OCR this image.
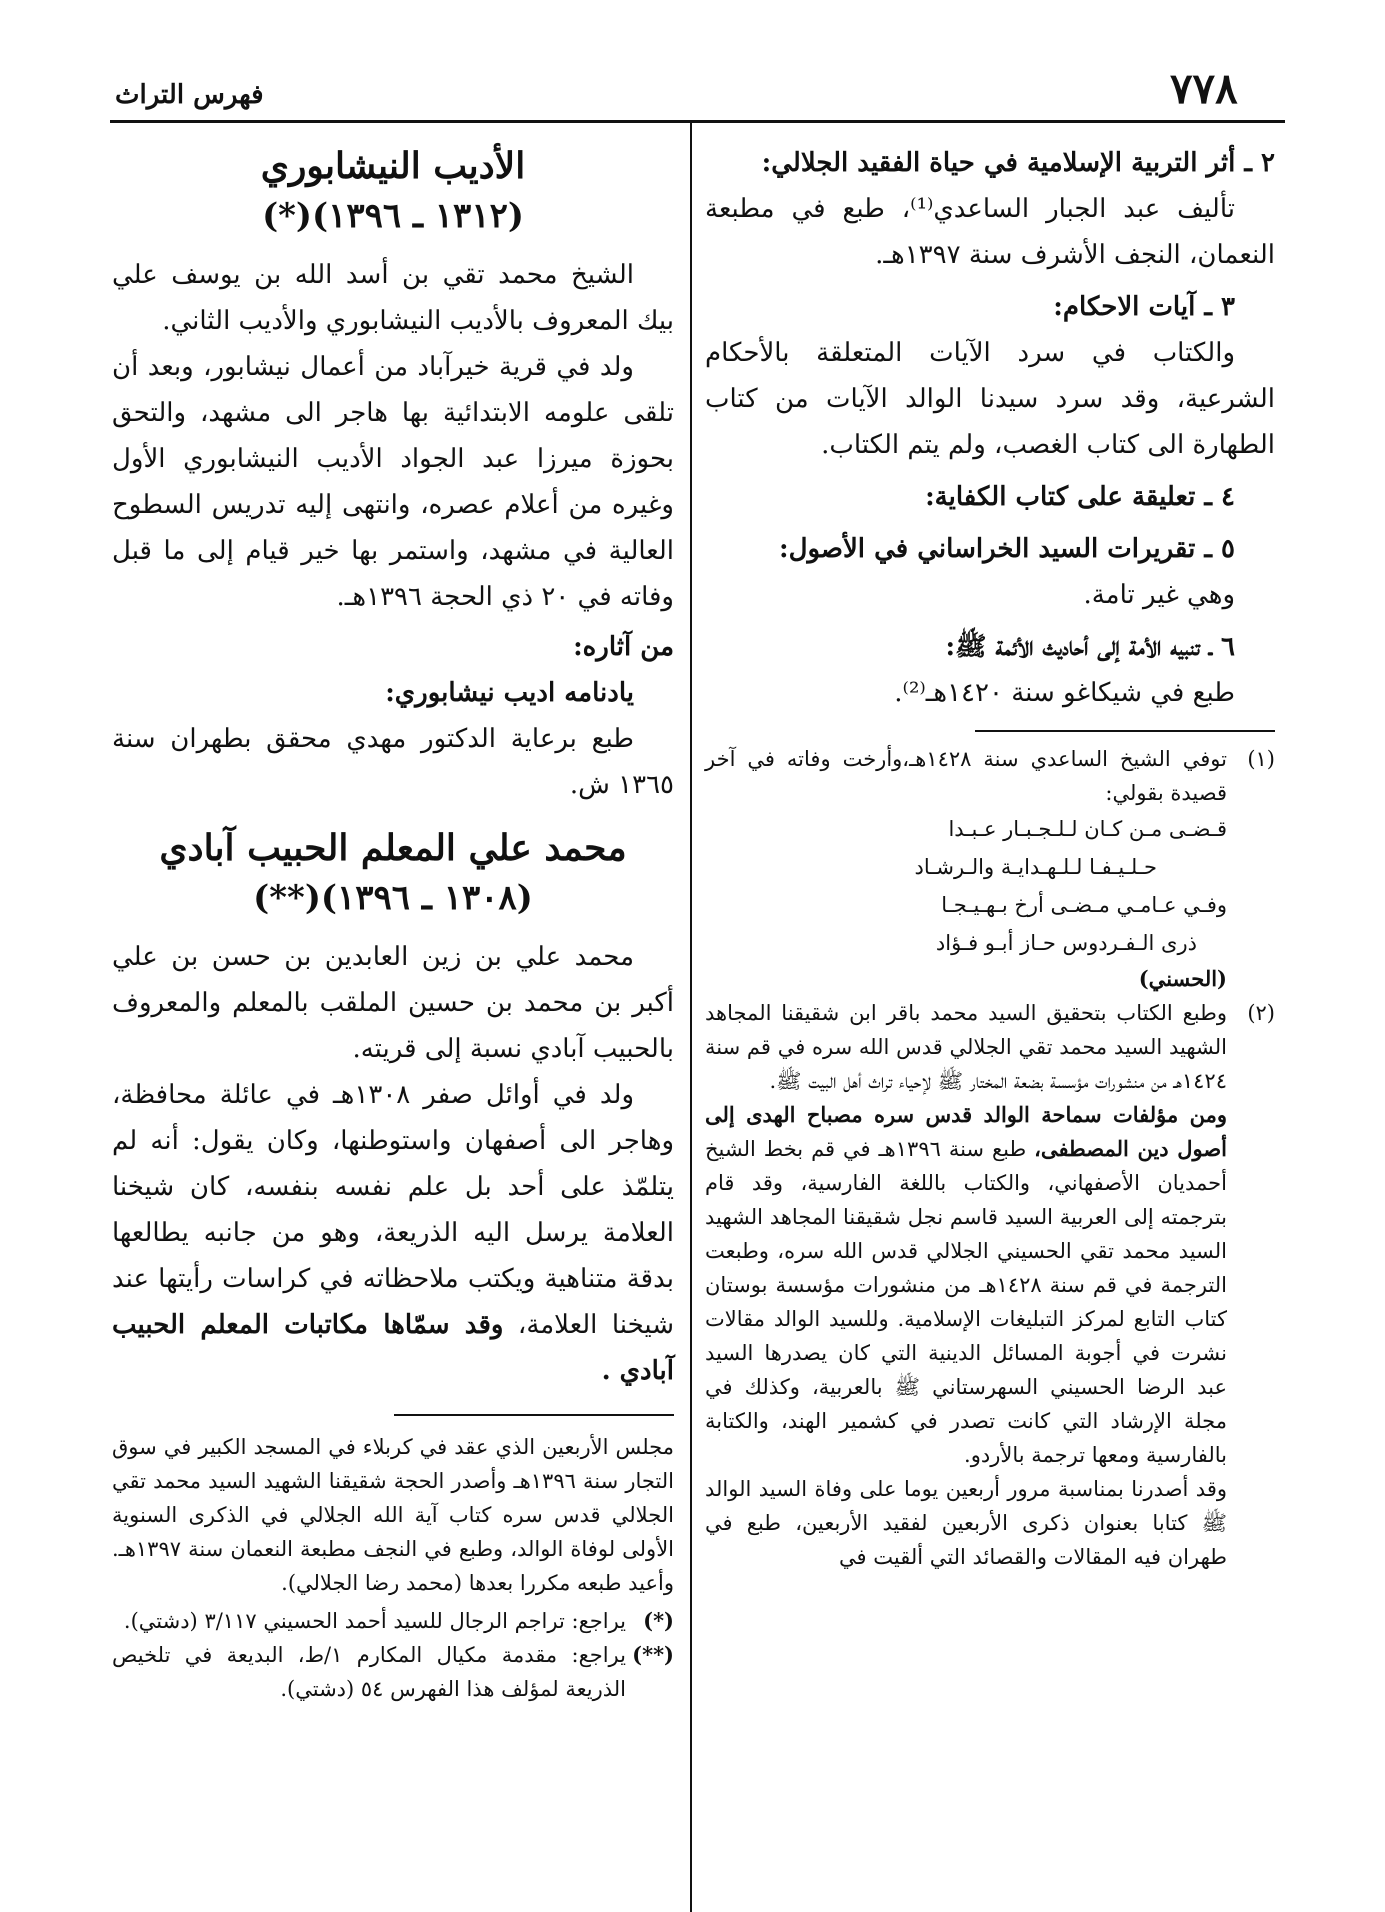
٧٧٨
فهرس التراث

٢ ـ أثر التربية الإسلامية في حياة الفقيد الجلالي:

تأليف عبد الجبار الساعدي⁽¹⁾، طبع في مطبعة النعمان، النجف الأشرف سنة ١٣٩٧هـ.

٣ ـ آيات الاحكام:

والكتاب في سرد الآيات المتعلقة بالأحكام الشرعية، وقد سرد سيدنا الوالد الآيات من كتاب الطهارة الى كتاب الغصب، ولم يتم الكتاب.

٤ ـ تعليقة على كتاب الكفاية:

٥ ـ تقريرات السيد الخراساني في الأصول:

وهي غير تامة.

٦ ـ تنبيه الأمة إلى أحاديث الأئمة ﷺ:

طبع في شيكاغو سنة ١٤٢٠هـ⁽²⁾.

(١)

توفي الشيخ الساعدي سنة ١٤٢٨هـ،وأرخت وفاته في آخر قصيدة بقولي:

قـضـى مـن كـان لـلـجـبـار عـبـدا

حـلـيـفـا لـلـهـدايـة والـرشـاد

وفـي عـامـي مـضـى أرخ بـهـيـجـا

ذرى الـفـردوس حـاز أبـو فـؤاد

(الحسني)

(٢)

وطبع الكتاب بتحقيق السيد محمد باقر ابن شقيقنا المجاهد الشهيد السيد محمد تقي الجلالي قدس الله سره في قم سنة ١٤٢٤هـ من منشورات مؤسسة بضعة المختار ﷺ لإحياء تراث أهل البيت ﷺ.

ومن مؤلفات سماحة الوالد قدس سره مصباح الهدى إلى أصول دين المصطفى، طبع سنة ١٣٩٦هـ في قم بخط الشيخ أحمديان الأصفهاني، والكتاب باللغة الفارسية، وقد قام بترجمته إلى العربية السيد قاسم نجل شقيقنا المجاهد الشهيد السيد محمد تقي الحسيني الجلالي قدس الله سره، وطبعت الترجمة في قم سنة ١٤٢٨هـ من منشورات مؤسسة بوستان كتاب التابع لمركز التبليغات الإسلامية. وللسيد الوالد مقالات نشرت في أجوبة المسائل الدينية التي كان يصدرها السيد عبد الرضا الحسيني السهرستاني ﷺ بالعربية، وكذلك في مجلة الإرشاد التي كانت تصدر في كشمير الهند، والكتابة بالفارسية ومعها ترجمة بالأردو.

وقد أصدرنا بمناسبة مرور أربعين يوما على وفاة السيد الوالد ﷺ كتابا بعنوان ذكرى الأربعين لفقيد الأربعين، طبع في طهران فيه المقالات والقصائد التي ألقيت في

الأديب النيشابوري

(١٣١٢ ـ ١٣٩٦)(*)

الشيخ محمد تقي بن أسد الله بن يوسف علي بيك المعروف بالأديب النيشابوري والأديب الثاني.

ولد في قرية خيرآباد من أعمال نيشابور، وبعد أن تلقى علومه الابتدائية بها هاجر الى مشهد، والتحق بحوزة ميرزا عبد الجواد الأديب النيشابوري الأول وغيره من أعلام عصره، وانتهى إليه تدريس السطوح العالية في مشهد، واستمر بها خير قيام إلى ما قبل وفاته في ٢٠ ذي الحجة ١٣٩٦هـ.

من آثاره:

يادنامه اديب نيشابوري:

طبع برعاية الدكتور مهدي محقق بطهران سنة ١٣٦٥ ش.

محمد علي المعلم الحبيب آبادي

(١٣٠٨ ـ ١٣٩٦)(**)

محمد علي بن زين العابدين بن حسن بن علي أكبر بن محمد بن حسين الملقب بالمعلم والمعروف بالحبيب آبادي نسبة إلى قريته.

ولد في أوائل صفر ١٣٠٨هـ في عائلة محافظة، وهاجر الى أصفهان واستوطنها، وكان يقول: أنه لم يتلمّذ على أحد بل علم نفسه بنفسه، كان شيخنا العلامة يرسل اليه الذريعة، وهو من جانبه يطالعها بدقة متناهية ويكتب ملاحظاته في كراسات رأيتها عند شيخنا العلامة، وقد سمّاها مكاتبات المعلم الحبيب آبادي .

مجلس الأربعين الذي عقد في كربلاء في المسجد الكبير في سوق التجار سنة ١٣٩٦هـ وأصدر الحجة شقيقنا الشهيد السيد محمد تقي الجلالي قدس سره كتاب آية الله الجلالي في الذكرى السنوية الأولى لوفاة الوالد، وطبع في النجف مطبعة النعمان سنة ١٣٩٧هـ. وأعيد طبعه مكررا بعدها (محمد رضا الجلالي).

(*)
يراجع: تراجم الرجال للسيد أحمد الحسيني ٣/١١٧ (دشتي).
(**)
يراجع: مقدمة مكيال المكارم ١/ط، البديعة في تلخيص الذريعة لمؤلف هذا الفهرس ٥٤ (دشتي).
